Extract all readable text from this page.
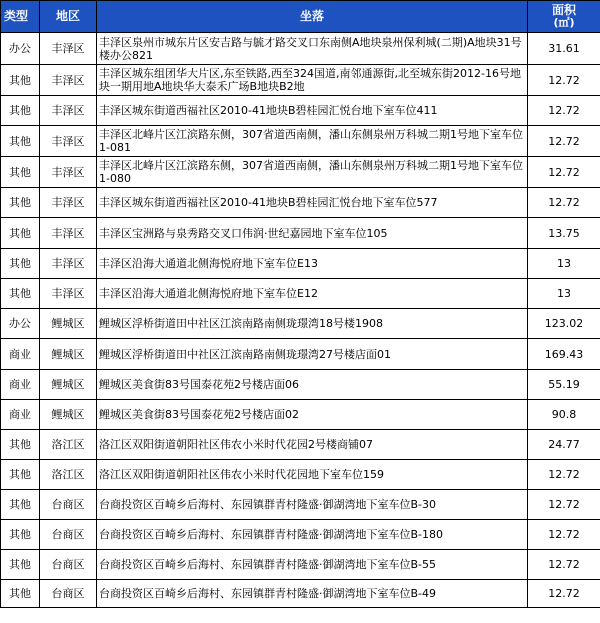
类型	地区	坐落	面积
(㎡)

办公	丰泽区	丰泽区泉州市城东片区安吉路与毓才路交叉口东南侧A地块泉州保利城(二期)A地块31号楼办公821	31.61
其他	丰泽区	丰泽区城东组团华大片区,东至铁路,西至324国道,南邻通源街,北至城东街2012-16号地块一期用地A地块华大泰禾广场B地块B2地	12.72
其他	丰泽区	丰泽区城东街道西福社区2010-41地块B碧桂园汇悦台地下室车位411	12.72
其他	丰泽区	丰泽区北峰片区江滨路东侧，307省道西南侧，潘山东侧泉州万科城二期1号地下室车位1-081	12.72
其他	丰泽区	丰泽区北峰片区江滨路东侧，307省道西南侧，潘山东侧泉州万科城二期1号地下室车位1-080	12.72
其他	丰泽区	丰泽区城东街道西福社区2010-41地块B碧桂园汇悦台地下室车位577	12.72
其他	丰泽区	丰泽区宝洲路与泉秀路交叉口伟润·世纪嘉园地下室车位105	13.75
其他	丰泽区	丰泽区沿海大通道北侧海悦府地下室车位E13	13
其他	丰泽区	丰泽区沿海大通道北侧海悦府地下室车位E12	13
办公	鲤城区	鲤城区浮桥街道田中社区江滨南路南侧珑璟湾18号楼1908	123.02
商业	鲤城区	鲤城区浮桥街道田中社区江滨南路南侧珑璟湾27号楼店面01	169.43
商业	鲤城区	鲤城区美食街83号国泰花苑2号楼店面06	55.19
商业	鲤城区	鲤城区美食街83号国泰花苑2号楼店面02	90.8
其他	洛江区	洛江区双阳街道朝阳社区伟农小米时代花园2号楼商铺07	24.77
其他	洛江区	洛江区双阳街道朝阳社区伟农小米时代花园地下室车位159	12.72
其他	台商区	台商投资区百崎乡后海村、东园镇群青村隆盛·御湖湾地下室车位B-30	12.72
其他	台商区	台商投资区百崎乡后海村、东园镇群青村隆盛·御湖湾地下室车位B-180	12.72
其他	台商区	台商投资区百崎乡后海村、东园镇群青村隆盛·御湖湾地下室车位B-55	12.72
其他	台商区	台商投资区百崎乡后海村、东园镇群青村隆盛·御湖湾地下室车位B-49	12.72
